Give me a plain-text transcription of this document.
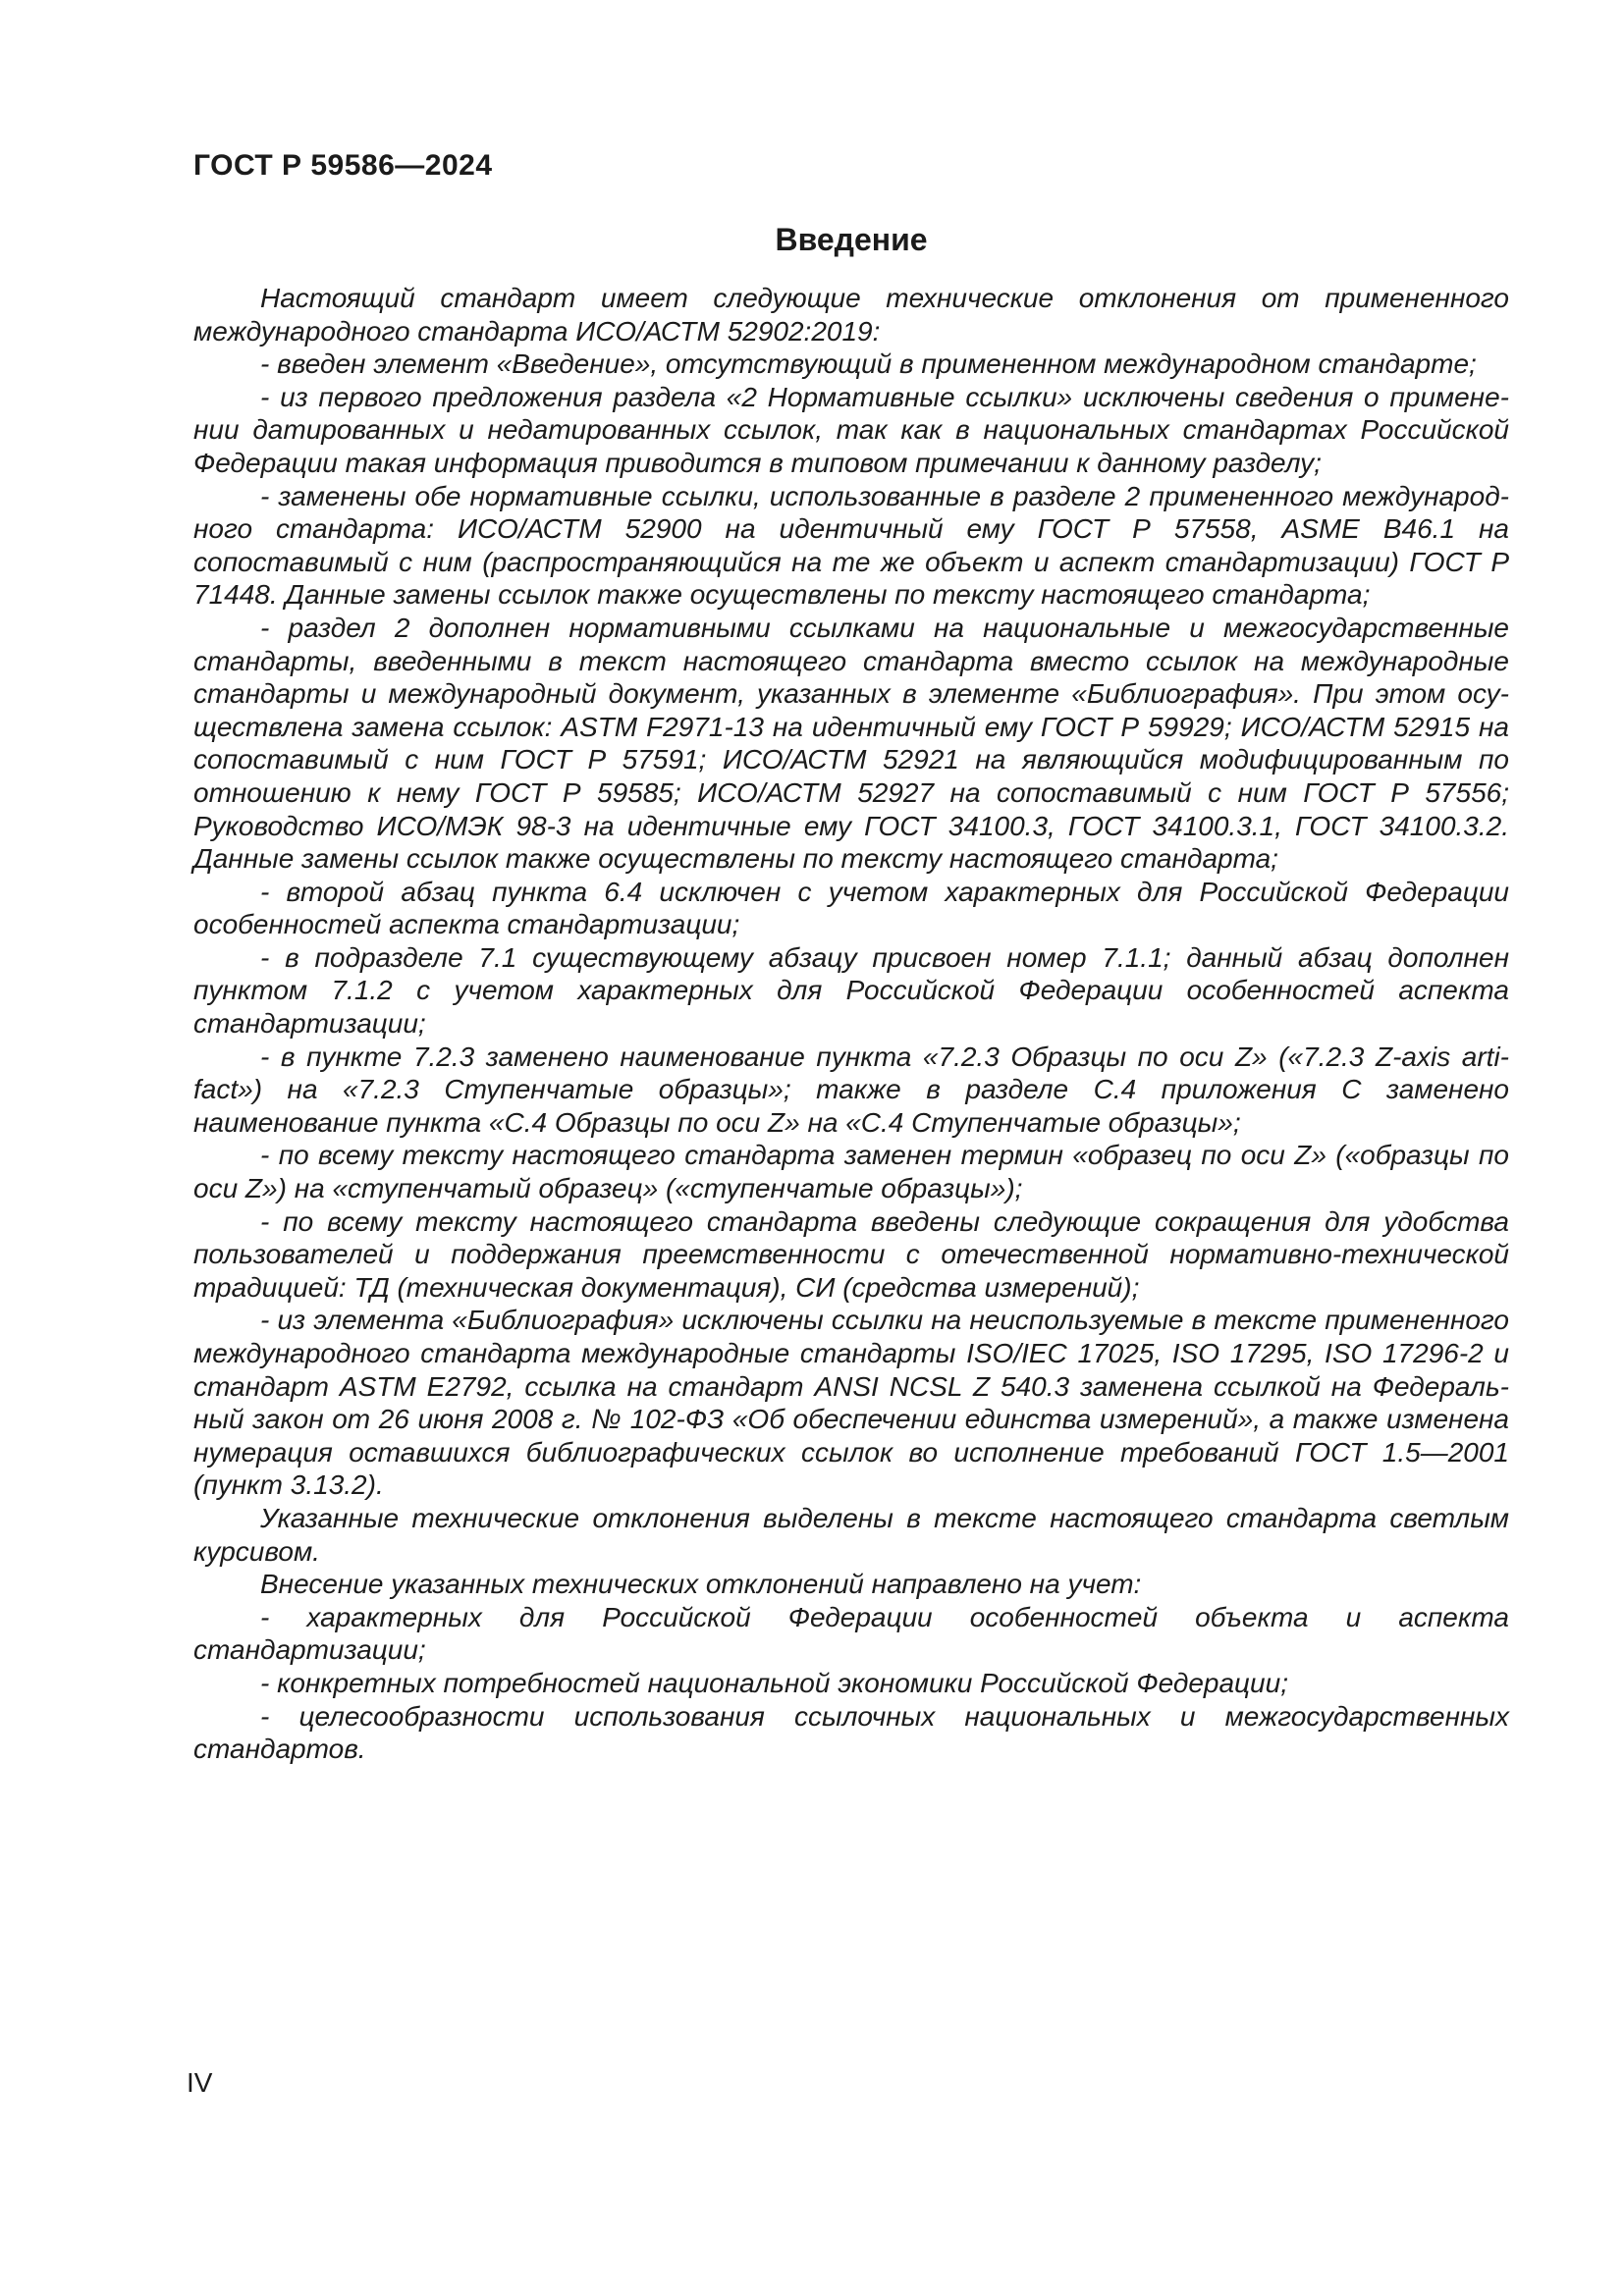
ГОСТ Р 59586—2024
Введение

Настоящий стандарт имеет следующие технические отклонения от примененного международного стандарта ИСО/АСТМ 52902:2019:

- введен элемент «Введение», отсутствующий в примененном международном стандарте;

- из первого предложения раздела «2 Нормативные ссылки» исключены сведения о применении датированных и недатированных ссылок, так как в национальных стандартах Российской Федерации такая информация приводится в типовом примечании к данному разделу;

- заменены обе нормативные ссылки, использованные в разделе 2 примененного международного стандарта: ИСО/АСТМ 52900 на идентичный ему ГОСТ Р 57558, ASME B46.1 на сопоставимый с ним (распространяющийся на те же объект и аспект стандартизации) ГОСТ Р 71448. Данные замены ссылок также осуществлены по тексту настоящего стандарта;

- раздел 2 дополнен нормативными ссылками на национальные и межгосударственные стандарты, введенными в текст настоящего стандарта вместо ссылок на международные стандарты и международный документ, указанных в элементе «Библиография». При этом осуществлена замена ссылок: ASTM F2971-13 на идентичный ему ГОСТ Р 59929; ИСО/АСТМ 52915 на сопоставимый с ним ГОСТ Р 57591; ИСО/АСТМ 52921 на являющийся модифицированным по отношению к нему ГОСТ Р 59585; ИСО/АСТМ 52927 на сопоставимый с ним ГОСТ Р 57556; Руководство ИСО/МЭК 98-3 на идентичные ему ГОСТ 34100.3, ГОСТ 34100.3.1, ГОСТ 34100.3.2. Данные замены ссылок также осуществлены по тексту настоящего стандарта;

- второй абзац пункта 6.4 исключен с учетом характерных для Российской Федерации особенностей аспекта стандартизации;

- в подразделе 7.1 существующему абзацу присвоен номер 7.1.1; данный абзац дополнен пунктом 7.1.2 с учетом характерных для Российской Федерации особенностей аспекта стандартизации;

- в пункте 7.2.3 заменено наименование пункта «7.2.3 Образцы по оси Z» («7.2.3 Z-axis artifact») на «7.2.3 Ступенчатые образцы»; также в разделе С.4 приложения С заменено наименование пункта «С.4 Образцы по оси Z» на «С.4 Ступенчатые образцы»;

- по всему тексту настоящего стандарта заменен термин «образец по оси Z» («образцы по оси Z») на «ступенчатый образец» («ступенчатые образцы»);

- по всему тексту настоящего стандарта введены следующие сокращения для удобства пользователей и поддержания преемственности с отечественной нормативно-технической традицией: ТД (техническая документация), СИ (средства измерений);

- из элемента «Библиография» исключены ссылки на неиспользуемые в тексте примененного международного стандарта международные стандарты ISO/IEC 17025, ISO 17295, ISO 17296-2 и стандарт ASTM E2792, ссылка на стандарт ANSI NCSL Z 540.3 заменена ссылкой на Федеральный закон от 26 июня 2008 г. № 102-ФЗ «Об обеспечении единства измерений», а также изменена нумерация оставшихся библиографических ссылок во исполнение требований ГОСТ 1.5—2001 (пункт 3.13.2).

Указанные технические отклонения выделены в тексте настоящего стандарта светлым курсивом.

Внесение указанных технических отклонений направлено на учет:

- характерных для Российской Федерации особенностей объекта и аспекта стандартизации;

- конкретных потребностей национальной экономики Российской Федерации;

- целесообразности использования ссылочных национальных и межгосударственных стандартов.

IV
